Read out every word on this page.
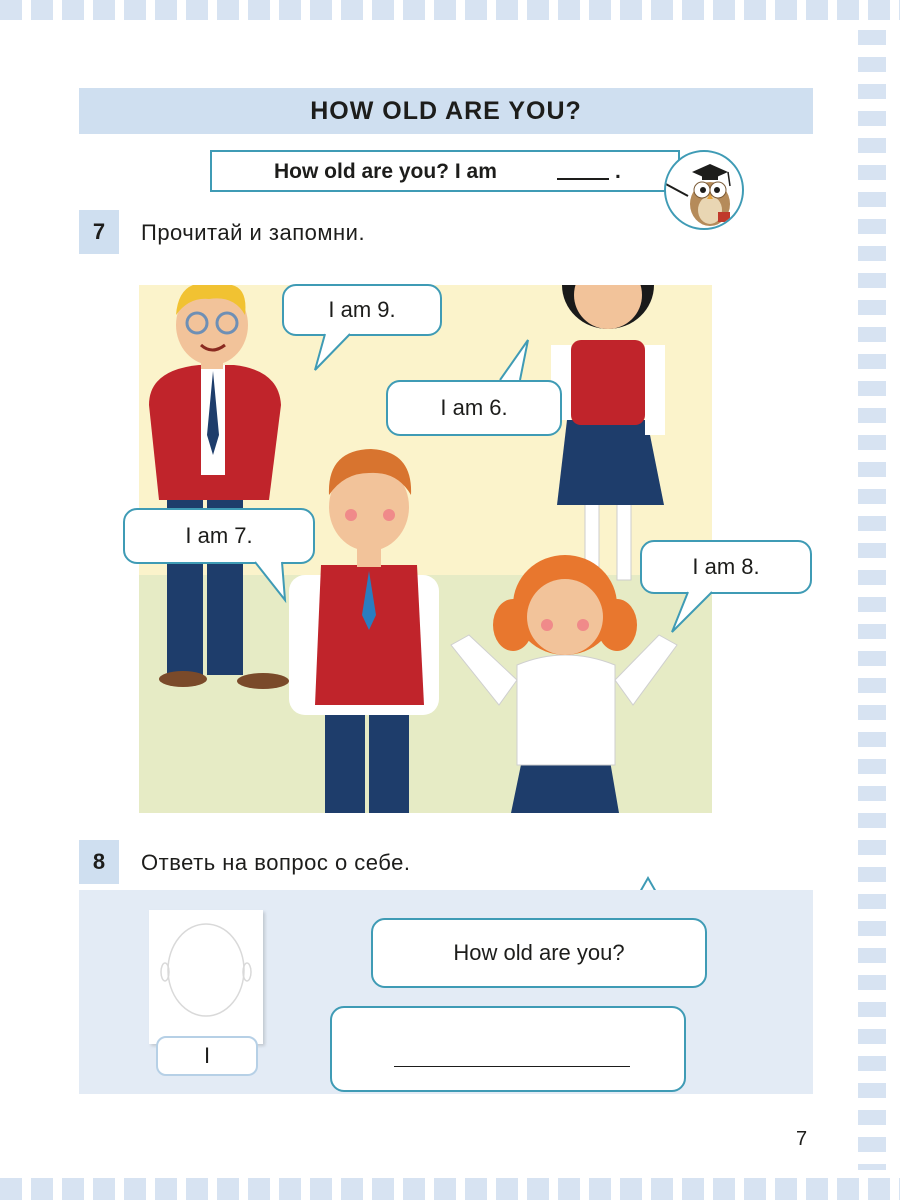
HOW OLD ARE YOU?
How old are you? I am	.
7	Прочитай и запомни.
I am 9.
I am 6.
I am 7.
I am 8.
8	Ответь на вопрос о себе.
I
How old are you?
7
